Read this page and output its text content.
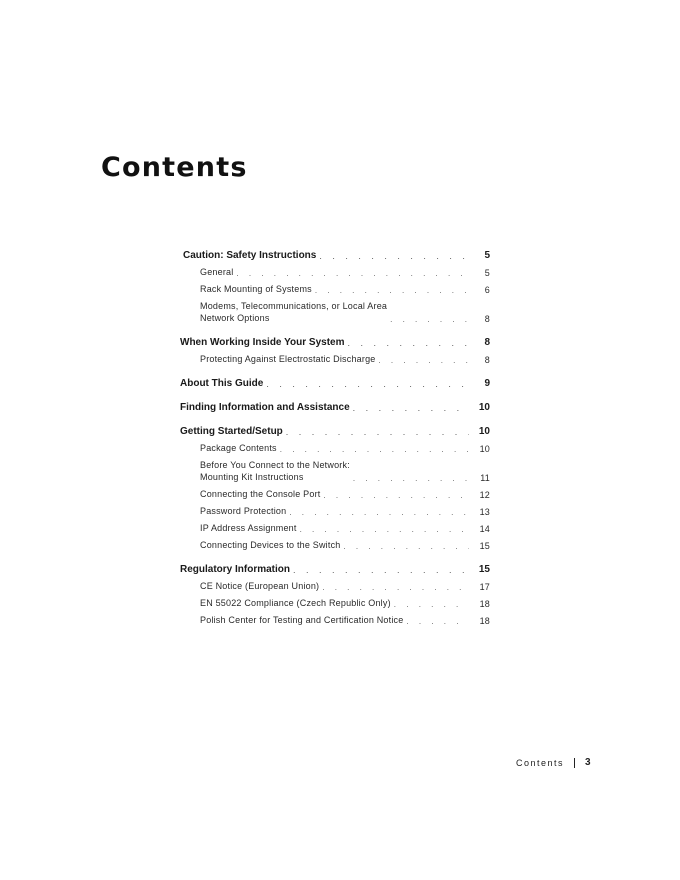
Contents
Caution: Safety Instructions . . .	5
General . . .	5
Rack Mounting of Systems . . .	6
Modems, Telecommunications, or Local Area
Network Options . . .	8
When Working Inside Your System . . .	8
Protecting Against Electrostatic Discharge . . .	8
About This Guide . . .	9
Finding Information and Assistance . . .	10
Getting Started/Setup . . .	10
Package Contents . . .	10
Before You Connect to the Network:
Mounting Kit Instructions . . .	11
Connecting the Console Port . . .	12
Password Protection . . .	13
IP Address Assignment . . .	14
Connecting Devices to the Switch . . .	15
Regulatory Information . . .	15
CE Notice (European Union) . . .	17
EN 55022 Compliance (Czech Republic Only) . . .	18
Polish Center for Testing and Certification Notice . . .	18
Contents 3
